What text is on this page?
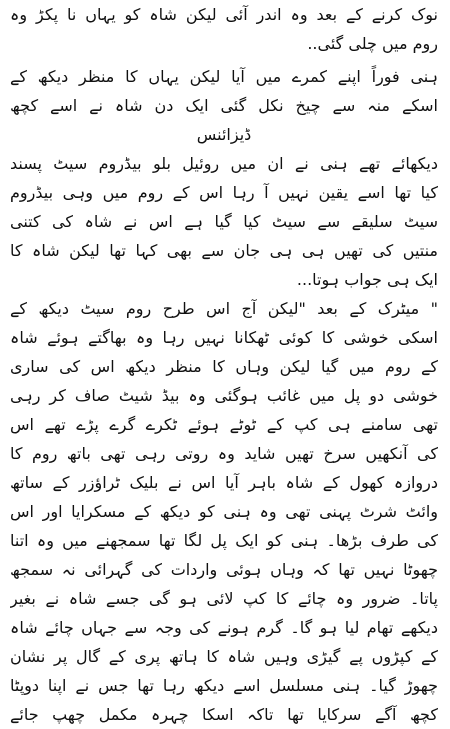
نوک کرنے کے بعد وہ اندر آئی لیکن شاہ کو یہاں نا پکڑ وہ
روم میں چلی گئی..
ہنی فوراً اپنے کمرے میں آیا لیکن یہاں کا منظر دیکھ کے
اسکے منہ سے چیخ نکل گئی ایک دن شاہ نے اسے کچھ
ڈیزائنس
دیکھائے تھے ہنی نے ان میں روئیل بلو بیڈروم سیٹ پسند
کیا تھا اسے یقین نہیں آ رہا اس کے روم میں وہی بیڈروم
سیٹ سلیقے سے سیٹ کیا گیا ہے اس نے شاہ کی کتنی
منتیں کی تھیں ہی ہی جان سے بھی کہا تھا لیکن شاہ کا
ایک ہی جواب ہوتا...
" میٹرک کے بعد "لیکن آج اس طرح روم سیٹ دیکھ کے
اسکی خوشی کا کوئی ٹھکانا نہیں رہا وہ بھاگتے ہوئے شاہ
کے روم میں گیا لیکن وہاں کا منظر دیکھ اس کی ساری
خوشی دو پل میں غائب ہوگئی وہ بیڈ شیٹ صاف کر رہی
تھی سامنے ہی کپ کے ٹوٹے ہوئے ٹکرے گرے پڑے تھے اس
کی آنکھیں سرخ تھیں شاید وہ روتی رہی تھی باتھ روم کا
دروازہ کھول کے شاہ باہر آیا اس نے بلیک ٹراؤزر کے ساتھ
وائٹ شرٹ پہنی تھی وہ ہنی کو دیکھ کے مسکرایا اور اس
کی طرف بڑھا۔ ہنی کو ایک پل لگا تھا سمجھنے میں وہ اتنا
چھوٹا نہیں تھا کہ وہاں ہوئی واردات کی گہرائی نہ سمجھ
پاتا۔ ضرور وہ چائے کا کپ لائی ہو گی جسے شاہ نے بغیر
دیکھے تھام لیا ہو گا۔ گرم ہونے کی وجہ سے جہاں چائے شاہ
کے کپڑوں پے گیڑی وہیں شاہ کا ہاتھ پری کے گال پر نشان
چھوڑ گیا۔ ہنی مسلسل اسے دیکھ رہا تھا جس نے اپنا دوپٹا
کچھ آگے سرکایا تھا تاکہ اسکا چہرہ مکمل چھپ جائے
